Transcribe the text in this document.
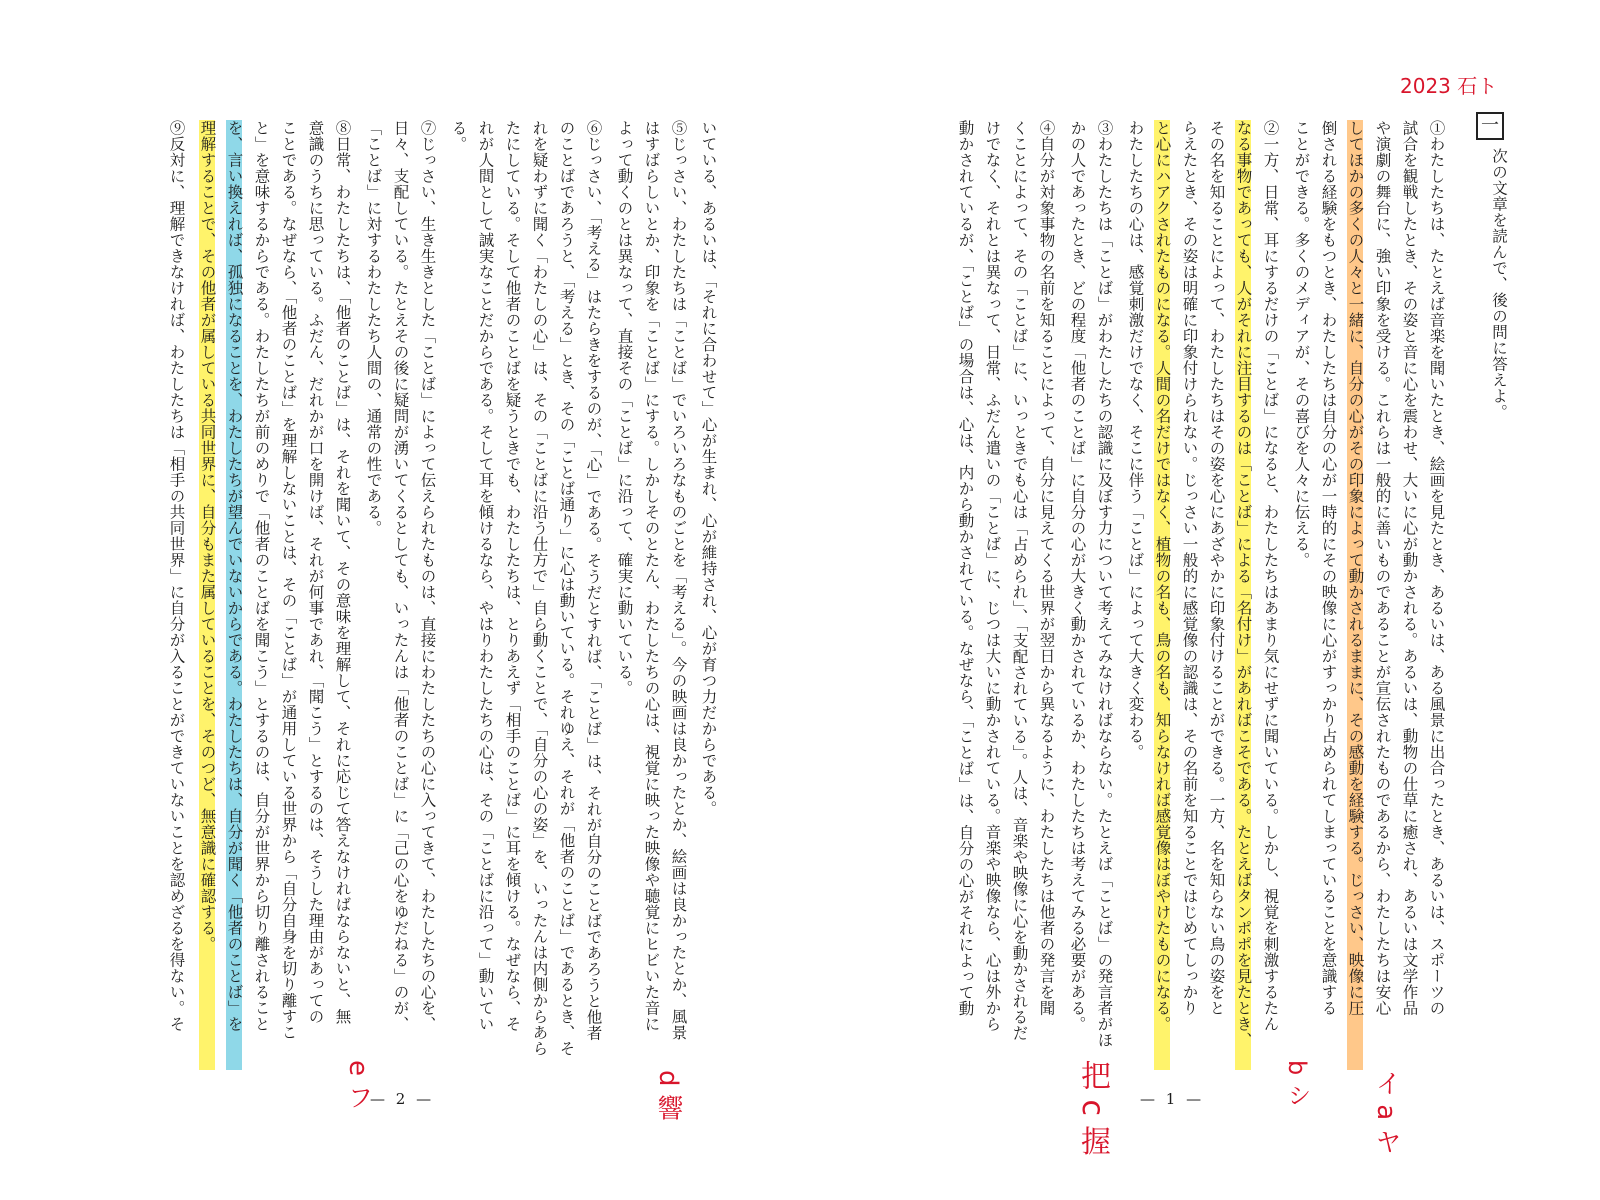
2023 石ト
一
次の文章を読んで、後の問に答えよ。
①わたしたちは、たとえば音楽を聞いたとき、絵画を見たとき、あるいは、ある風景に出合ったとき、あるいは、スポーツの
試合を観戦したとき、その姿と音に心を震わせ、大いに心が動かされる。あるいは、動物の仕草に癒され、あるいは文学作品
や演劇の舞台に、強い印象を受ける。これらは一般的に善いものであることが宣伝されたものであるから、わたしたちは安心
してほかの多くの人々と一緒に、自分の心がその印象によって動かされるままに、その感動を経験する。じっさい、映像に圧
倒される経験をもつとき、わたしたちは自分の心が一時的にその映像に心がすっかり占められてしまっていることを意識する
ことができる。多くのメディアが、その喜びを人々に伝える。
②一方、日常、耳にするだけの「ことば」になると、わたしたちはあまり気にせずに聞いている。しかし、視覚を刺激するたん
なる事物であっても、人がそれに注目するのは「ことば」による「名付け」があればこそである。たとえばタンポポを見たとき、
その名を知ることによって、わたしたちはその姿を心にあざやかに印象付けることができる。一方、名を知らない鳥の姿をと
らえたとき、その姿は明確に印象付けられない。じっさい一般的に感覚像の認識は、その名前を知ることではじめてしっかり
と心にハアクされたものになる。人間の名だけではなく、植物の名も、鳥の名も、知らなければ感覚像はぼやけたものになる。
わたしたちの心は、感覚刺激だけでなく、そこに伴う「ことば」によって大きく変わる。
③わたしたちは「ことば」がわたしたちの認識に及ぼす力について考えてみなければならない。たとえば「ことば」の発言者がほ
かの人であったとき、どの程度「他者のことば」に自分の心が大きく動かされているか、わたしたちは考えてみる必要がある。
④自分が対象事物の名前を知ることによって、自分に見えてくる世界が翌日から異なるように、わたしたちは他者の発言を聞
くことによって、その「ことば」に、いっときでも心は「占められ」、「支配されている」。人は、音楽や映像に心を動かされるだ
けでなく、それとは異なって、日常、ふだん遣いの「ことば」に、じつは大いに動かされている。音楽や映像なら、心は外から
動かされているが、「ことば」の場合は、心は、内から動かされている。なぜなら、「ことば」は、自分の心がそれによって動
— 1 —
いている、あるいは、「それに合わせて」心が生まれ、心が維持され、心が育つ力だからである。
⑤じっさい、わたしたちは「ことば」でいろいろなものごとを「考える」。今の映画は良かったとか、絵画は良かったとか、風景
はすばらしいとか、印象を「ことば」にする。しかしそのとたん、わたしたちの心は、視覚に映った映像や聴覚にヒビいた音に
よって動くのとは異なって、直接その「ことば」に沿って、確実に動いている。
⑥じっさい、「考える」はたらきをするのが、「心」である。そうだとすれば、「ことば」は、それが自分のことばであろうと他者
のことばであろうと、「考える」とき、その「ことば通り」に心は動いている。それゆえ、それが「他者のことば」であるとき、そ
れを疑わずに聞く「わたしの心」は、その「ことばに沿う仕方で」自ら動くことで、「自分の心の姿」を、いったんは内側からあら
たにしている。そして他者のことばを疑うときでも、わたしたちは、とりあえず「相手のことば」に耳を傾ける。なぜなら、そ
れが人間として誠実なことだからである。そして耳を傾けるなら、やはりわたしたちの心は、その「ことばに沿って」動いてい
る。
⑦じっさい、生き生きとした「ことば」によって伝えられたものは、直接にわたしたちの心に入ってきて、わたしたちの心を、
日々、支配している。たとえその後に疑問が湧いてくるとしても、いったんは「他者のことば」に「己の心をゆだねる」のが、
「ことば」に対するわたしたち人間の、通常の性である。
⑧日常、わたしたちは、「他者のことば」は、それを聞いて、その意味を理解して、それに応じて答えなければならないと、無
意識のうちに思っている。ふだん、だれかが口を開けば、それが何事であれ、「聞こう」とするのは、そうした理由があっての
ことである。なぜなら、「他者のことば」を理解しないことは、その「ことば」が通用している世界から「自分自身を切り離すこ
と」を意味するからである。わたしたちが前のめりで「他者のことばを聞こう」とするのは、自分が世界から切り離されること
を、言い換えれば、孤独になることを、わたしたちが望んでいないからである。わたしたちは、自分が聞く「他者のことば」を
理解することで、その他者が属している共同世界に、自分もまた属していることを、そのつど、無意識に確認する。
⑨反対に、理解できなければ、わたしたちは「相手の共同世界」に自分が入ることができていないことを認めざるを得ない。そ
— 2 —	イ a ヤ
b シ
把 c 握
d 響
e フ
